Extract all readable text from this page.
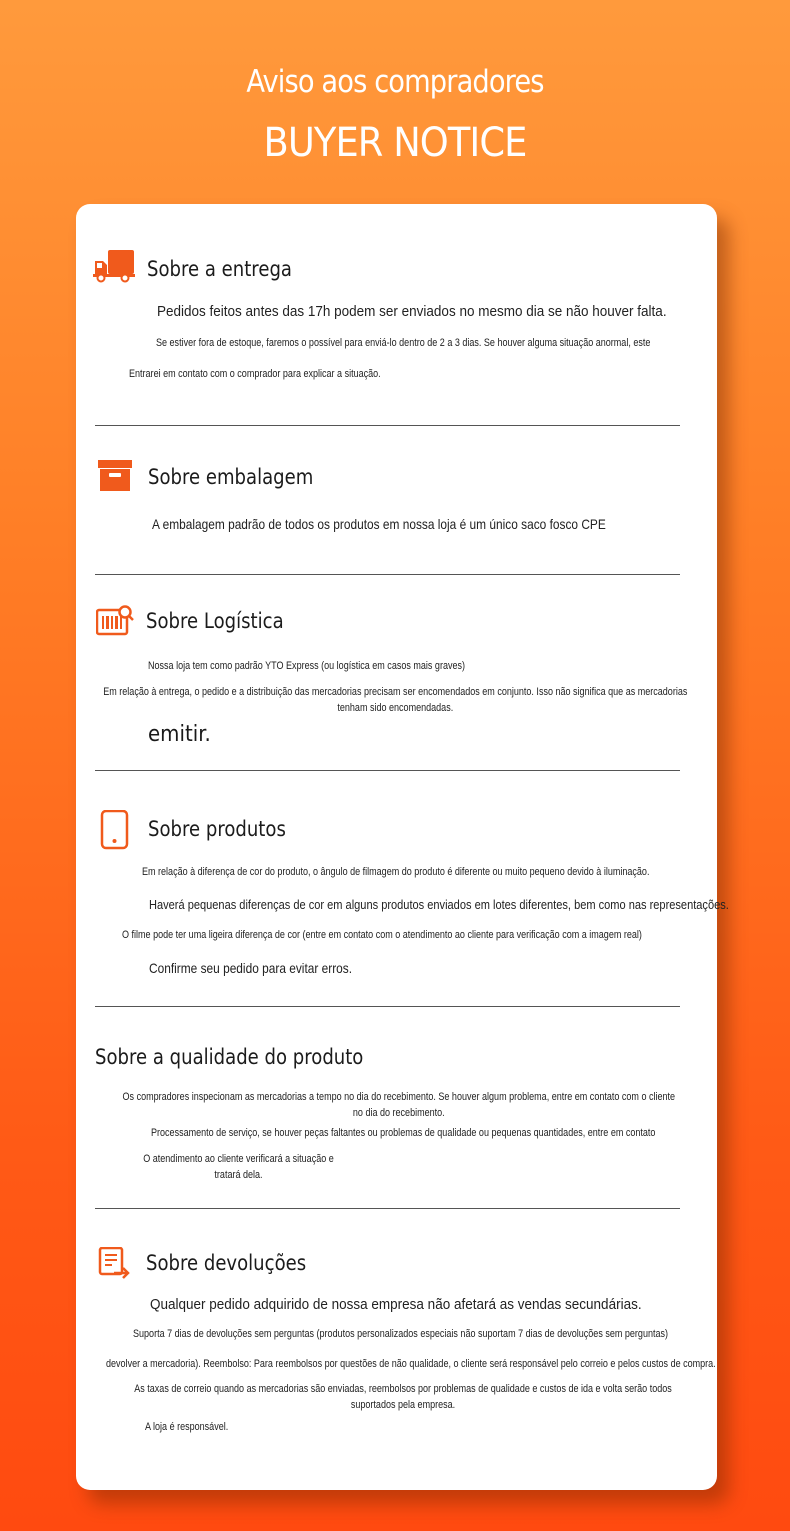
Aviso aos compradores
BUYER NOTICE
Sobre a entrega
Pedidos feitos antes das 17h podem ser enviados no mesmo dia se não houver falta.
Se estiver fora de estoque, faremos o possível para enviá-lo dentro de 2 a 3 dias. Se houver alguma situação anormal, este
Entrarei em contato com o comprador para explicar a situação.
Sobre embalagem
A embalagem padrão de todos os produtos em nossa loja é um único saco fosco CPE
Sobre Logística
Nossa loja tem como padrão YTO Express (ou logística em casos mais graves)
Em relação à entrega, o pedido e a distribuição das mercadorias precisam ser encomendados em conjunto. Isso não significa que as mercadorias tenham sido encomendadas.
emitir.
Sobre produtos
Em relação à diferença de cor do produto, o ângulo de filmagem do produto é diferente ou muito pequeno devido à iluminação.
Haverá pequenas diferenças de cor em alguns produtos enviados em lotes diferentes, bem como nas representações.
O filme pode ter uma ligeira diferença de cor (entre em contato com o atendimento ao cliente para verificação com a imagem real)
Confirme seu pedido para evitar erros.
Sobre a qualidade do produto
Os compradores inspecionam as mercadorias a tempo no dia do recebimento. Se houver algum problema, entre em contato com o cliente no dia do recebimento.
Processamento de serviço, se houver peças faltantes ou problemas de qualidade ou pequenas quantidades, entre em contato
O atendimento ao cliente verificará a situação e tratará dela.
Sobre devoluções
Qualquer pedido adquirido de nossa empresa não afetará as vendas secundárias.
Suporta 7 dias de devoluções sem perguntas (produtos personalizados especiais não suportam 7 dias de devoluções sem perguntas)
devolver a mercadoria). Reembolso: Para reembolsos por questões de não qualidade, o cliente será responsável pelo correio e pelos custos de compra.
As taxas de correio quando as mercadorias são enviadas, reembolsos por problemas de qualidade e custos de ida e volta serão todos suportados pela empresa.
A loja é responsável.
